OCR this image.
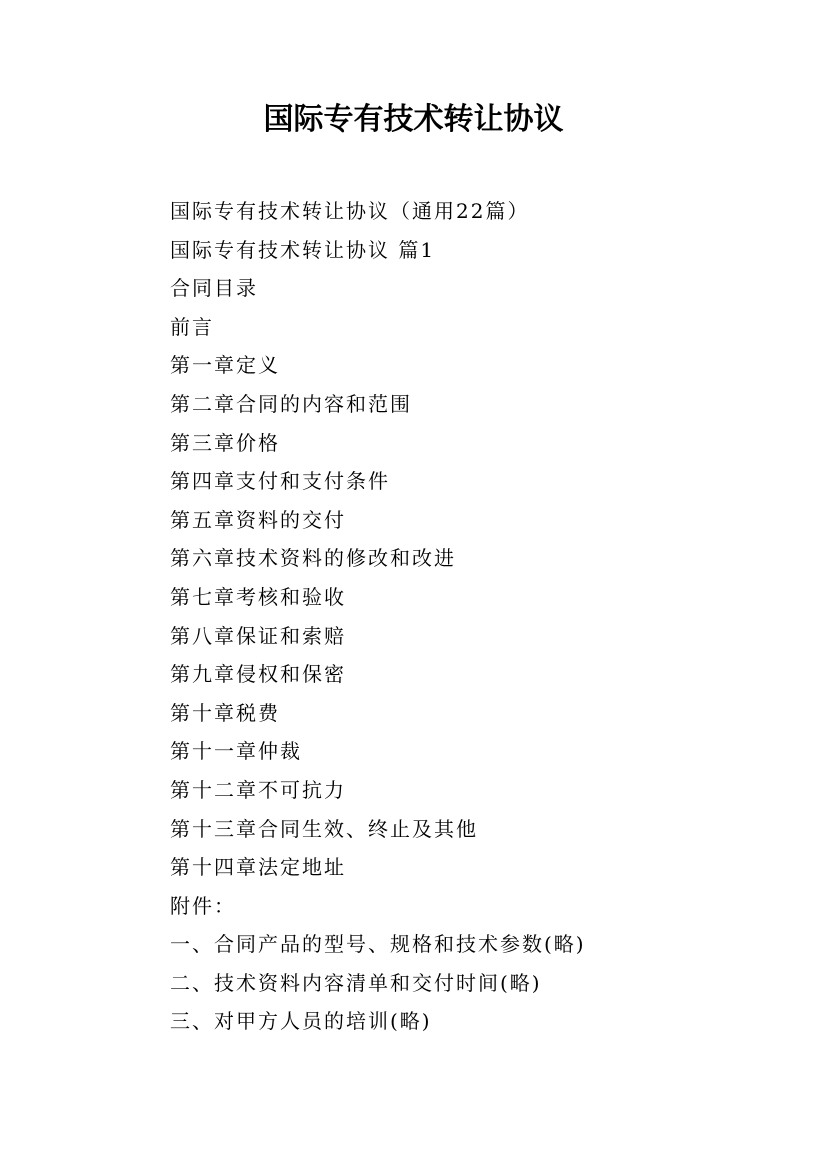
国际专有技术转让协议
国际专有技术转让协议（通用22篇）
国际专有技术转让协议 篇1
合同目录
前言
第一章定义
第二章合同的内容和范围
第三章价格
第四章支付和支付条件
第五章资料的交付
第六章技术资料的修改和改进
第七章考核和验收
第八章保证和索赔
第九章侵权和保密
第十章税费
第十一章仲裁
第十二章不可抗力
第十三章合同生效、终止及其他
第十四章法定地址
附件：
一、合同产品的型号、规格和技术参数(略)
二、技术资料内容清单和交付时间(略)
三、对甲方人员的培训(略)
